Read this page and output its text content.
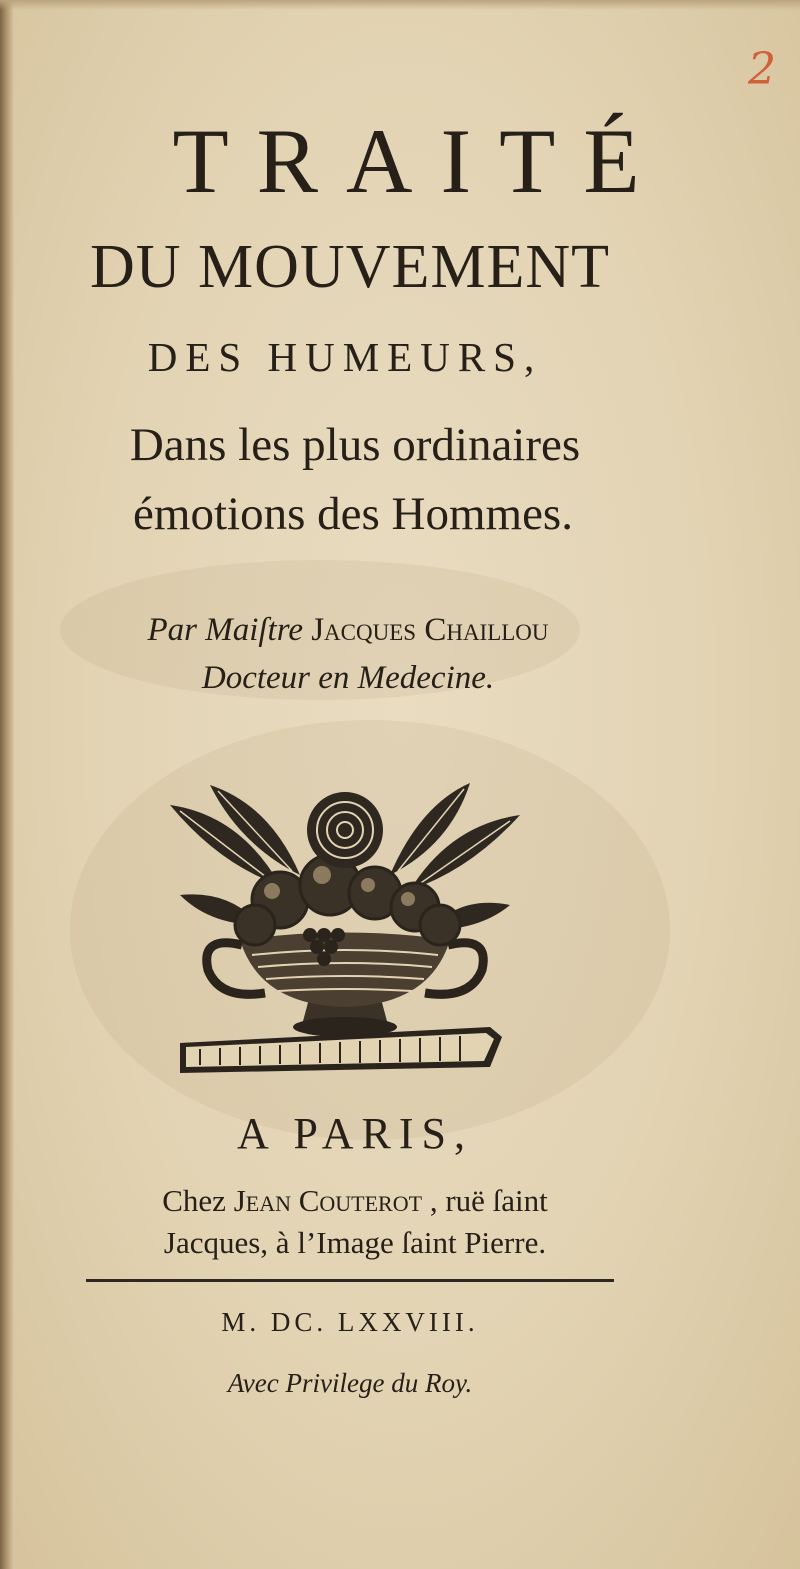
2
TRAITÉ
DU MOUVEMENT
DES HUMEURS,
Dans les plus ordinaires
émotions des Hommes.
Par Maiſtre Jacques Chaillou
Docteur en Medecine.
A PARIS,
Chez Jean Couterot , ruë ſaint
Jacques, à l’Image ſaint Pierre.
M. DC. LXXVIII.
Avec Privilege du Roy.
